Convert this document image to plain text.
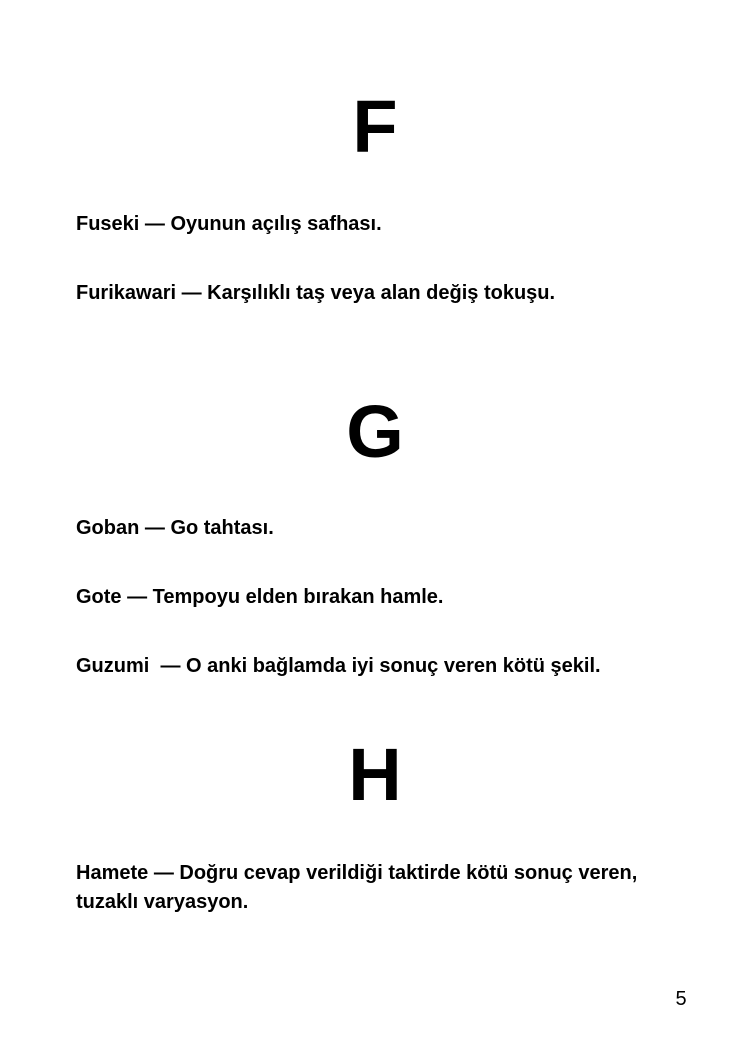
F
Fuseki — Oyunun açılış safhası.
Furikawari — Karşılıklı taş veya alan değiş tokuşu.
G
Goban — Go tahtası.
Gote — Tempoyu elden bırakan hamle.
Guzumi  — O anki bağlamda iyi sonuç veren kötü şekil.
H
Hamete — Doğru cevap verildiği taktirde kötü sonuç veren, tuzaklı varyasyon.
5
